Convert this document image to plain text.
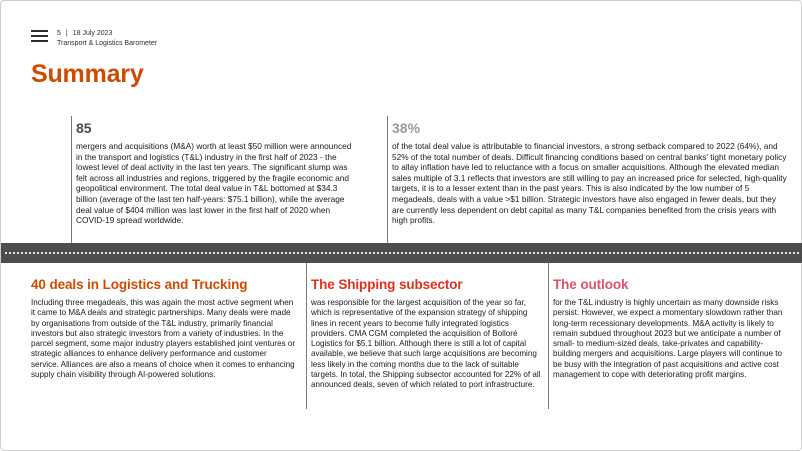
5 | 18 July 2023
Transport & Logistics Barometer
Summary
85
mergers and acquisitions (M&A) worth at least $50 million were announced in the transport and logistics (T&L) industry in the first half of 2023 - the lowest level of deal activity in the last ten years. The significant slump was felt across all industries and regions, triggered by the fragile economic and geopolitical environment. The total deal value in T&L bottomed at $34.3 billion (average of the last ten half-years: $75.1 billion), while the average deal value of $404 million was last lower in the first half of 2020 when COVID-19 spread worldwide.
38%
of the total deal value is attributable to financial investors, a strong setback compared to 2022 (64%), and 52% of the total number of deals. Difficult financing conditions based on central banks' tight monetary policy to allay inflation have led to reluctance with a focus on smaller acquisitions. Although the elevated median sales multiple of 3.1 reflects that investors are still willing to pay an increased price for selected, high-quality targets, it is to a lesser extent than in the past years. This is also indicated by the low number of 5 megadeals, deals with a value >$1 billion. Strategic investors have also engaged in fewer deals, but they are currently less dependent on debt capital as many T&L companies benefited from the crisis years with high profits.
40 deals in Logistics and Trucking
Including three megadeals, this was again the most active segment when it came to M&A deals and strategic partnerships. Many deals were made by organisations from outside of the T&L industry, primarily financial investors but also strategic investors from a variety of industries. In the parcel segment, some major industry players established joint ventures or strategic alliances to enhance delivery performance and customer service. Alliances are also a means of choice when it comes to enhancing supply chain visibility through AI-powered solutions.
The Shipping subsector
was responsible for the largest acquisition of the year so far, which is representative of the expansion strategy of shipping lines in recent years to become fully integrated logistics providers. CMA CGM completed the acquisition of Bolloré Logistics for $5.1 billion. Although there is still a lot of capital available, we believe that such large acquisitions are becoming less likely in the coming months due to the lack of suitable targets. In total, the Shipping subsector accounted for 22% of all announced deals, seven of which related to port infrastructure.
The outlook
for the T&L industry is highly uncertain as many downside risks persist. However, we expect a momentary slowdown rather than long-term recessionary developments. M&A activity is likely to remain subdued throughout 2023 but we anticipate a number of small- to medium-sized deals, take-privates and capability-building mergers and acquisitions. Large players will continue to be busy with the integration of past acquisitions and active cost management to cope with deteriorating profit margins.
